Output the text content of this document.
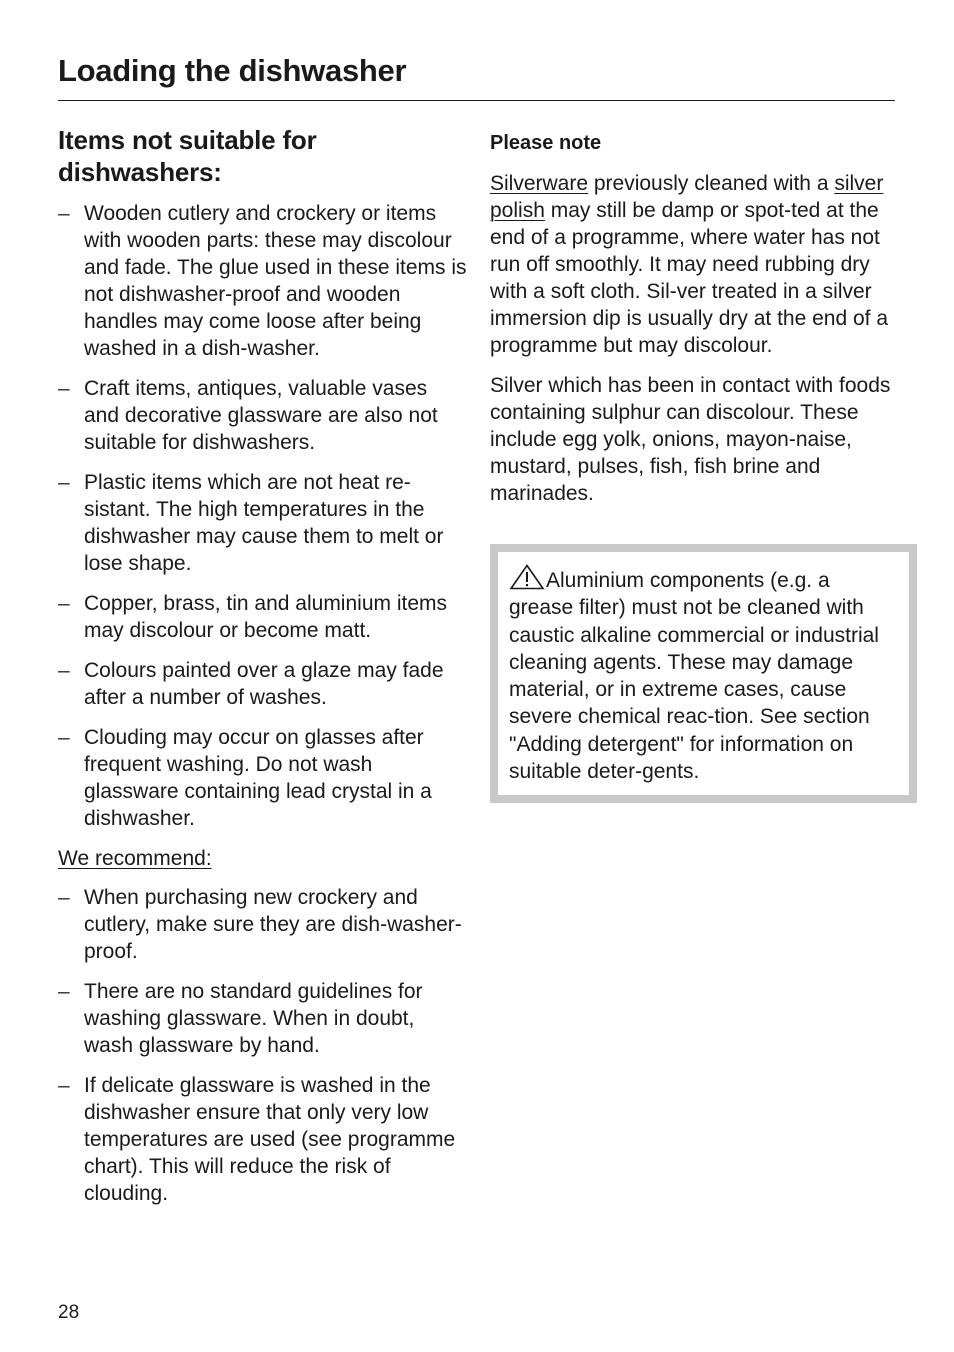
Loading the dishwasher
Items not suitable for dishwashers:
– Wooden cutlery and crockery or items with wooden parts: these may discolour and fade. The glue used in these items is not dishwasher-proof and wooden handles may come loose after being washed in a dish-washer.
– Craft items, antiques, valuable vases and decorative glassware are also not suitable for dishwashers.
– Plastic items which are not heat re-sistant. The high temperatures in the dishwasher may cause them to melt or lose shape.
– Copper, brass, tin and aluminium items may discolour or become matt.
– Colours painted over a glaze may fade after a number of washes.
– Clouding may occur on glasses after frequent washing. Do not wash glassware containing lead crystal in a dishwasher.

We recommend:

– When purchasing new crockery and cutlery, make sure they are dish-washer-proof.
– There are no standard guidelines for washing glassware. When in doubt, wash glassware by hand.
– If delicate glassware is washed in the dishwasher ensure that only very low temperatures are used (see programme chart). This will reduce the risk of clouding.
Please note

Silverware previously cleaned with a silver polish may still be damp or spot-ted at the end of a programme, where water has not run off smoothly. It may need rubbing dry with a soft cloth. Sil-ver treated in a silver immersion dip is usually dry at the end of a programme but may discolour.

Silver which has been in contact with foods containing sulphur can discolour. These include egg yolk, onions, mayon-naise, mustard, pulses, fish, fish brine and marinades.

Aluminium components (e.g. a grease filter) must not be cleaned with caustic alkaline commercial or industrial cleaning agents. These may damage material, or in extreme cases, cause severe chemical reac-tion. See section "Adding detergent" for information on suitable deter-gents.
28
